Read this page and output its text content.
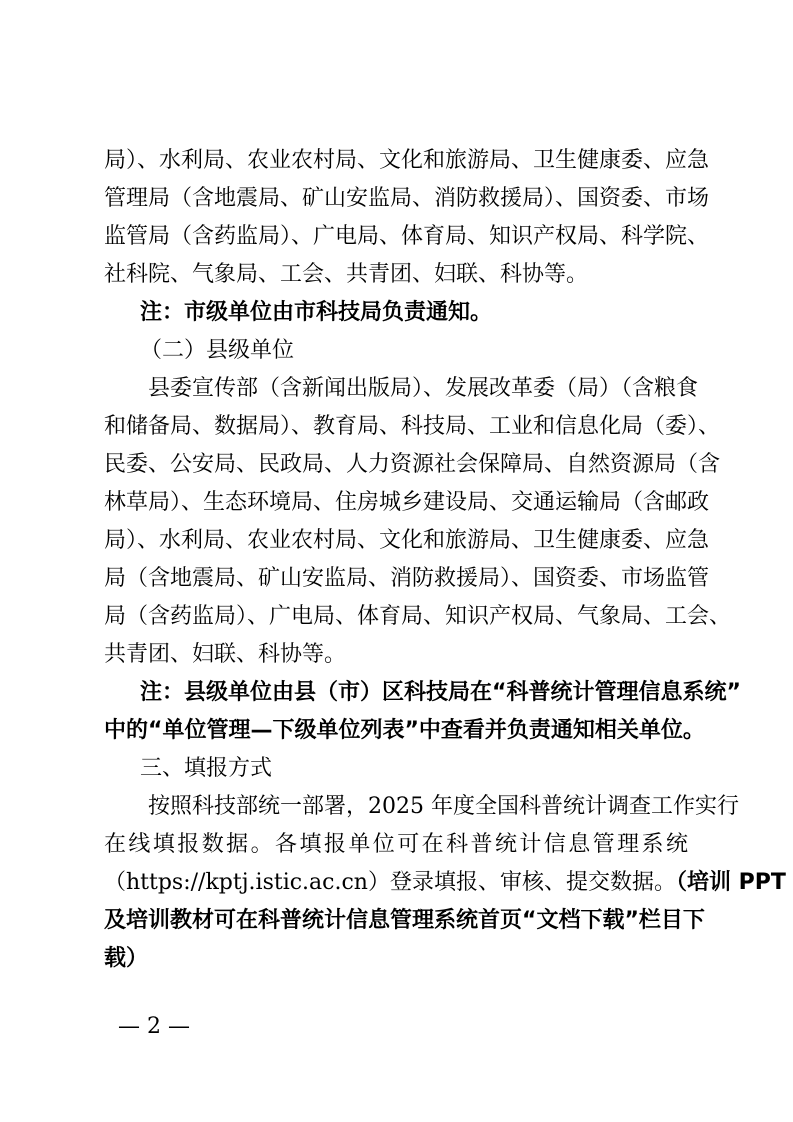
局）、水利局、农业农村局、文化和旅游局、卫生健康委、应急
管理局（含地震局、矿山安监局、消防救援局）、国资委、市场
监管局（含药监局）、广电局、体育局、知识产权局、科学院、
社科院、气象局、工会、共青团、妇联、科协等。
注：市级单位由市科技局负责通知。
（二）县级单位
县委宣传部（含新闻出版局）、发展改革委（局）（含粮食
和储备局、数据局）、教育局、科技局、工业和信息化局（委）、
民委、公安局、民政局、人力资源社会保障局、自然资源局（含
林草局）、生态环境局、住房城乡建设局、交通运输局（含邮政
局）、水利局、农业农村局、文化和旅游局、卫生健康委、应急
局（含地震局、矿山安监局、消防救援局）、国资委、市场监管
局（含药监局）、广电局、体育局、知识产权局、气象局、工会、
共青团、妇联、科协等。
注：县级单位由县（市）区科技局在“科普统计管理信息系统”
中的“单位管理—下级单位列表”中查看并负责通知相关单位。
三、填报方式
按照科技部统一部署，2025 年度全国科普统计调查工作实行
在线填报数据。各填报单位可在科普统计信息管理系统
（https://kptj.istic.ac.cn）登录填报、审核、提交数据。（培训 PPT
及培训教材可在科普统计信息管理系统首页“文档下载”栏目下
载）
— 2 —
